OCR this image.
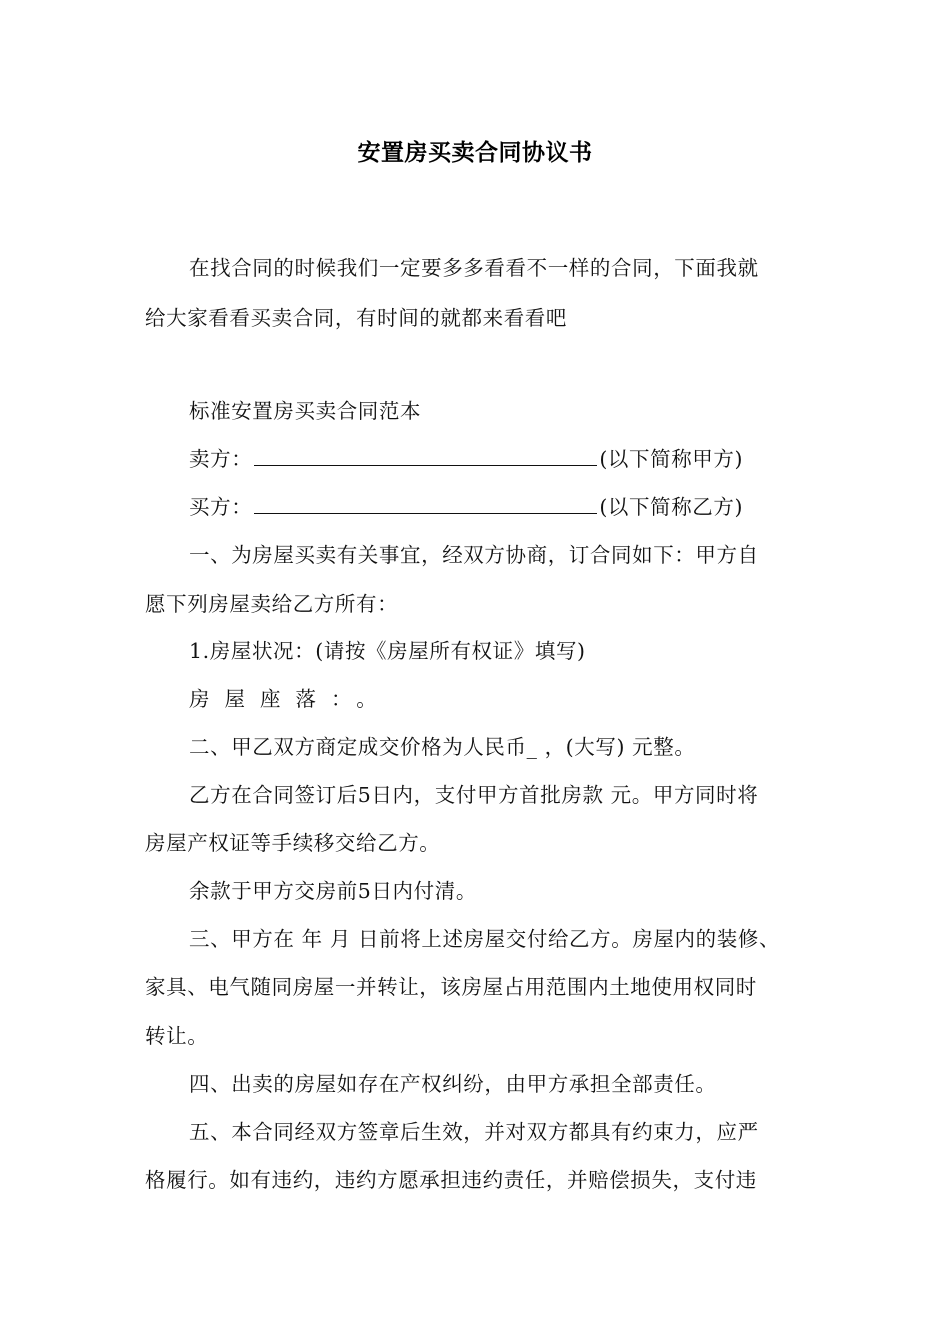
安置房买卖合同协议书
在找合同的时候我们一定要多多看看不一样的合同，下面我就
给大家看看买卖合同，有时间的就都来看看吧
标准安置房买卖合同范本
卖方：	(以下简称甲方)
买方：	(以下简称乙方)
一、为房屋买卖有关事宜，经双方协商，订合同如下：甲方自
愿下列房屋卖给乙方所有：
1.房屋状况：(请按《房屋所有权证》填写)
房屋座落：。
二、甲乙双方商定成交价格为人民币_ ，(大写) 元整。
乙方在合同签订后5日内，支付甲方首批房款 元。甲方同时将
房屋产权证等手续移交给乙方。
余款于甲方交房前5日内付清。
三、甲方在 年 月 日前将上述房屋交付给乙方。房屋内的装修、
家具、电气随同房屋一并转让，该房屋占用范围内土地使用权同时
转让。
四、出卖的房屋如存在产权纠纷，由甲方承担全部责任。
五、本合同经双方签章后生效，并对双方都具有约束力，应严
格履行。如有违约，违约方愿承担违约责任，并赔偿损失，支付违
